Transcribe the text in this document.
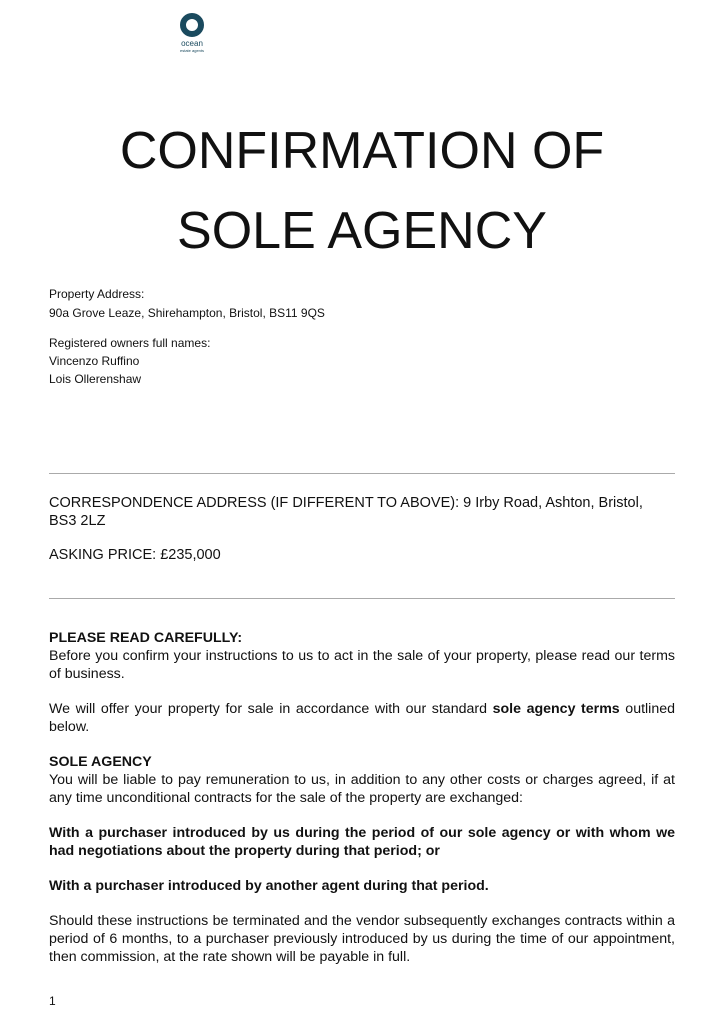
ocean
estate agents
CONFIRMATION OF
SOLE AGENCY
Property Address:
90a Grove Leaze, Shirehampton, Bristol, BS11 9QS
Registered owners full names:
Vincenzo Ruffino
Lois Ollerenshaw
CORRESPONDENCE ADDRESS (IF DIFFERENT TO ABOVE): 9 Irby Road, Ashton, Bristol,
BS3 2LZ
ASKING PRICE: £235,000

PLEASE READ CAREFULLY:
Before you confirm your instructions to us to act in the sale of your property, please read our terms of business.

We will offer your property for sale in accordance with our standard sole agency terms outlined below.

SOLE AGENCY
You will be liable to pay remuneration to us, in addition to any other costs or charges agreed, if at any time unconditional contracts for the sale of the property are exchanged:

With a purchaser introduced by us during the period of our sole agency or with whom we had negotiations about the property during that period; or

With a purchaser introduced by another agent during that period.

Should these instructions be terminated and the vendor subsequently exchanges contracts within a period of 6 months, to a purchaser previously introduced by us during the time of our appointment, then commission, at the rate shown will be payable in full.

1
